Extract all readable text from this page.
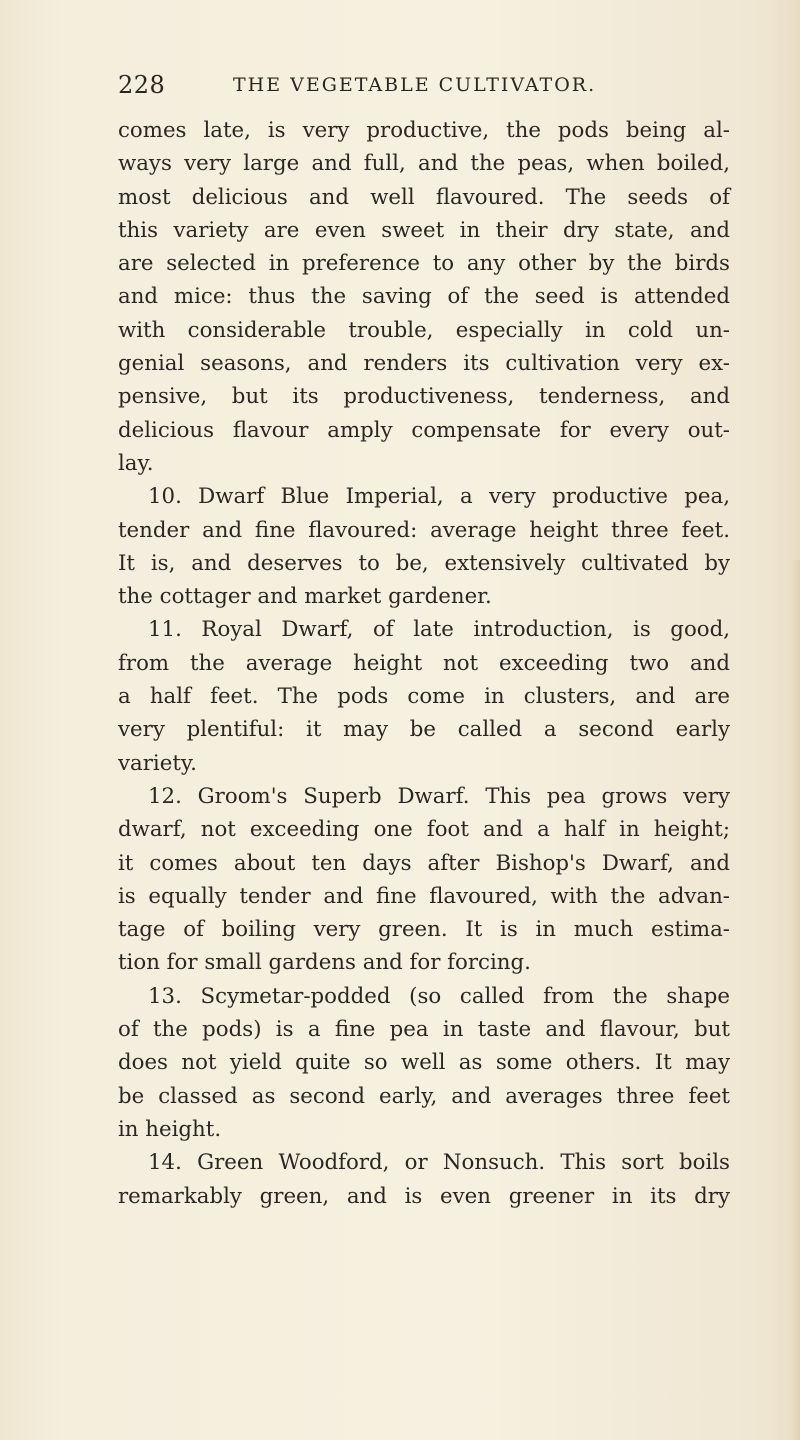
228	THE VEGETABLE CULTIVATOR.
comes late, is very productive, the pods being al-
ways very large and full, and the peas, when boiled,
most delicious and well flavoured. The seeds of
this variety are even sweet in their dry state, and
are selected in preference to any other by the birds
and mice: thus the saving of the seed is attended
with considerable trouble, especially in cold un-
genial seasons, and renders its cultivation very ex-
pensive, but its productiveness, tenderness, and
delicious flavour amply compensate for every out-
lay.
10. Dwarf Blue Imperial, a very productive pea,
tender and fine flavoured: average height three feet.
It is, and deserves to be, extensively cultivated by
the cottager and market gardener.
11. Royal Dwarf, of late introduction, is good,
from the average height not exceeding two and
a half feet. The pods come in clusters, and are
very plentiful: it may be called a second early
variety.
12. Groom's Superb Dwarf. This pea grows very
dwarf, not exceeding one foot and a half in height;
it comes about ten days after Bishop's Dwarf, and
is equally tender and fine flavoured, with the advan-
tage of boiling very green. It is in much estima-
tion for small gardens and for forcing.
13. Scymetar-podded (so called from the shape
of the pods) is a fine pea in taste and flavour, but
does not yield quite so well as some others. It may
be classed as second early, and averages three feet
in height.
14. Green Woodford, or Nonsuch. This sort boils
remarkably green, and is even greener in its dry
